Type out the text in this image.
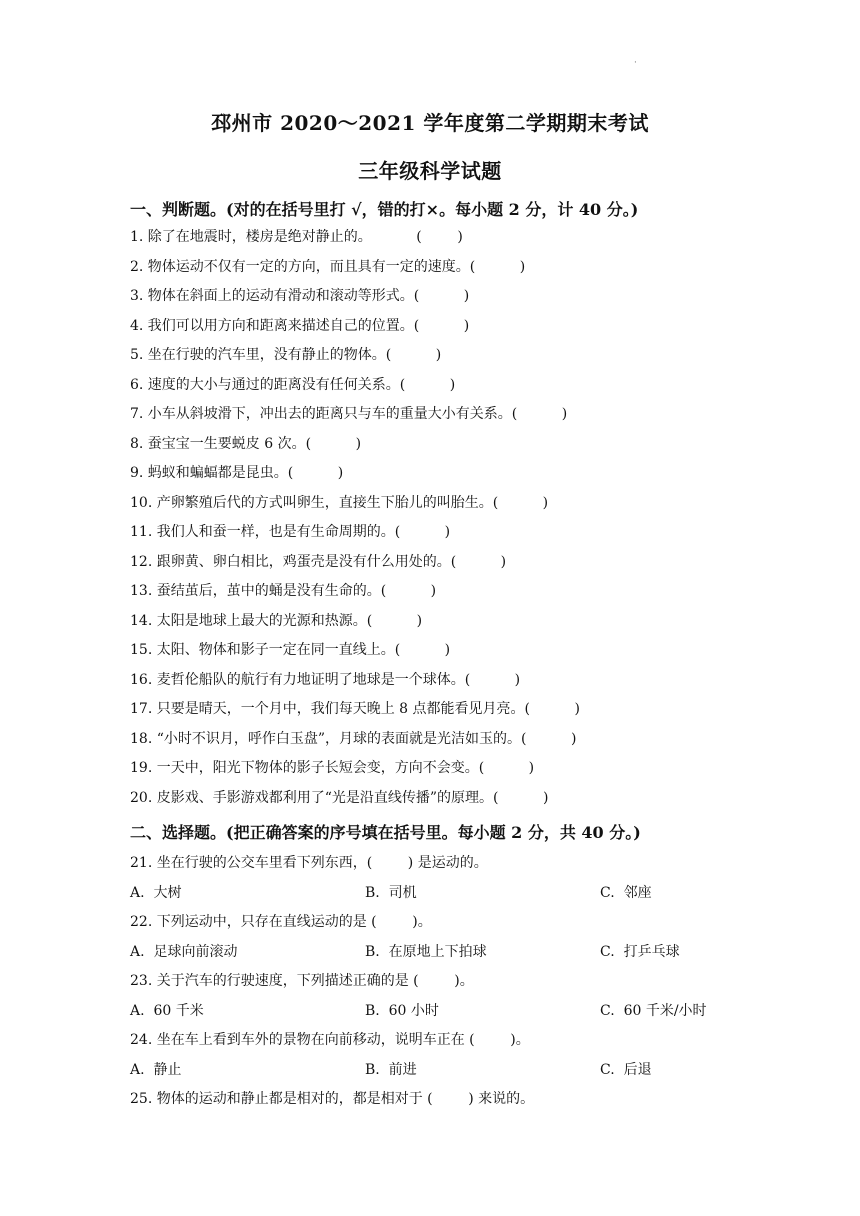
·
邳州市 2020～2021 学年度第二学期期末考试
三年级科学试题
一、判断题。(对的在括号里打 √，错的打×。每小题 2 分，计 40 分。)
1. 除了在地震时，楼房是绝对静止的。          (        )
2. 物体运动不仅有一定的方向，而且具有一定的速度。(          )
3. 物体在斜面上的运动有滑动和滚动等形式。(          )
4. 我们可以用方向和距离来描述自己的位置。(          )
5. 坐在行驶的汽车里，没有静止的物体。(          )
6. 速度的大小与通过的距离没有任何关系。(          )
7. 小车从斜坡滑下，冲出去的距离只与车的重量大小有关系。(          )
8. 蚕宝宝一生要蜕皮 6 次。(          )
9. 蚂蚁和蝙蝠都是昆虫。(          )
10. 产卵繁殖后代的方式叫卵生，直接生下胎儿的叫胎生。(          )
11. 我们人和蚕一样，也是有生命周期的。(          )
12. 跟卵黄、卵白相比，鸡蛋壳是没有什么用处的。(          )
13. 蚕结茧后，茧中的蛹是没有生命的。(          )
14. 太阳是地球上最大的光源和热源。(          )
15. 太阳、物体和影子一定在同一直线上。(          )
16. 麦哲伦船队的航行有力地证明了地球是一个球体。(          )
17. 只要是晴天，一个月中，我们每天晚上 8 点都能看见月亮。(          )
18. “小时不识月，呼作白玉盘”，月球的表面就是光洁如玉的。(          )
19. 一天中，阳光下物体的影子长短会变，方向不会变。(          )
20. 皮影戏、手影游戏都利用了“光是沿直线传播”的原理。(          )
二、选择题。(把正确答案的序号填在括号里。每小题 2 分，共 40 分。)
21. 坐在行驶的公交车里看下列东西，(        ) 是运动的。
A.  大树	B.  司机	C.  邻座
22. 下列运动中，只存在直线运动的是 (        )。
A.  足球向前滚动	B.  在原地上下拍球	C.  打乒乓球
23. 关于汽车的行驶速度，下列描述正确的是 (        )。
A.  60 千米	B.  60 小时	C.  60 千米/小时
24. 坐在车上看到车外的景物在向前移动，说明车正在 (        )。
A.  静止	B.  前进	C.  后退
25. 物体的运动和静止都是相对的，都是相对于 (        ) 来说的。
